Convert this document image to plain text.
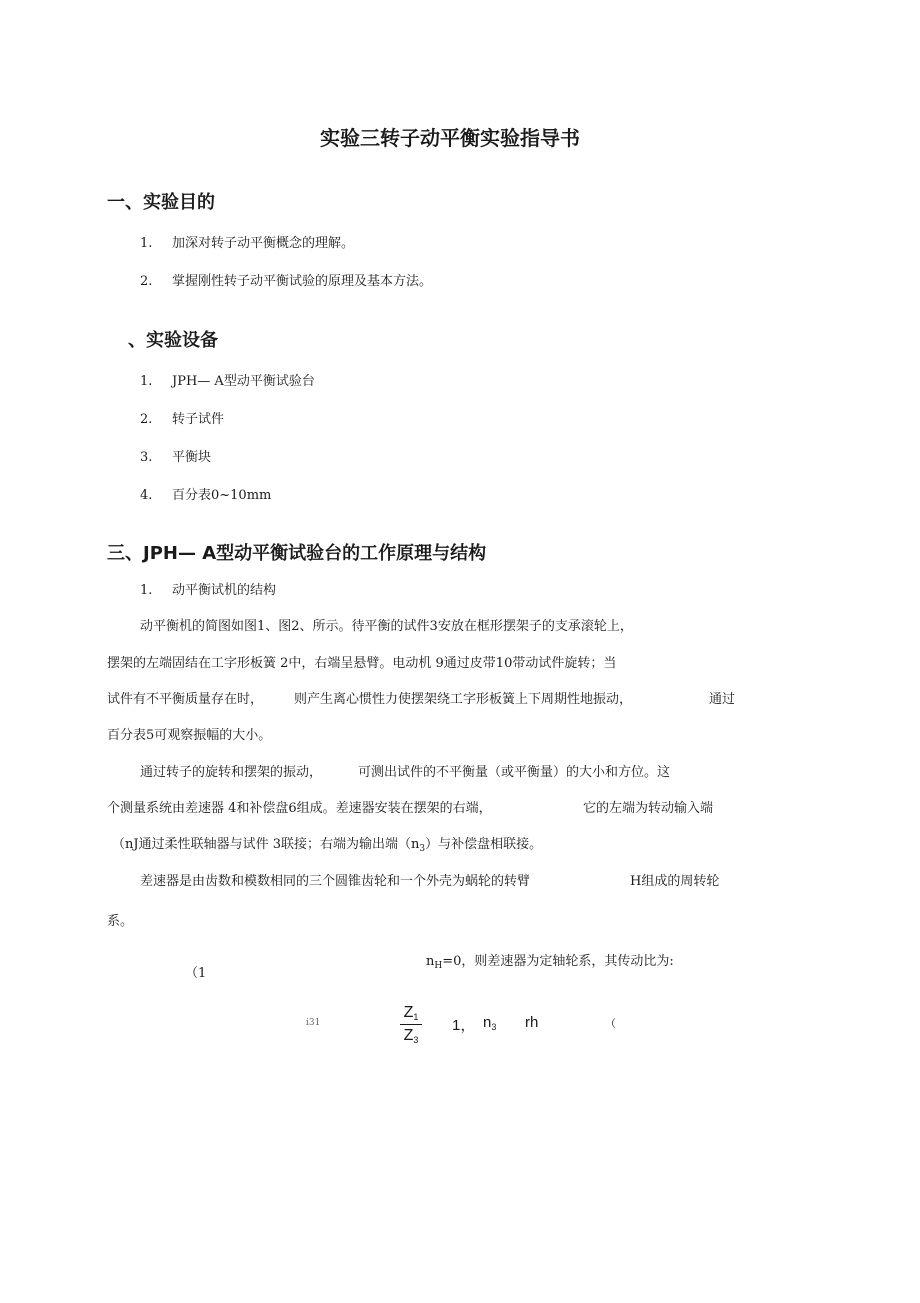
实验三转子动平衡实验指导书
一、实验目的
1. 加深对转子动平衡概念的理解。
2. 掌握刚性转子动平衡试验的原理及基本方法。
、实验设备
1. JPH— A型动平衡试验台
2. 转子试件
3. 平衡块
4. 百分表0~10mm
三、JPH— A型动平衡试验台的工作原理与结构
1. 动平衡试机的结构
动平衡机的简图如图1、图2、所示。待平衡的试件3安放在框形摆架子的支承滚轮上，
摆架的左端固结在工字形板簧 2中，右端呈悬臂。电动机 9通过皮带10带动试件旋转；当
试件有不平衡质量存在时， 则产生离心惯性力使摆架绕工字形板簧上下周期性地振动，	通过
百分表5可观察振幅的大小。
通过转子的旋转和摆架的振动，	可测出试件的不平衡量（或平衡量）的大小和方位。这
个测量系统由差速器 4和补偿盘6组成。差速器安装在摆架的右端，	它的左端为转动输入端
（nJ通过柔性联轴器与试件 3联接；右端为输出端$(n_3)$与补偿盘相联接。
差速器是由齿数和模数相同的三个圆锥齿轮和一个外壳为蜗轮的转臂	H组成的周转轮
系。
（1
$n_H=0$，则差速器为定轴轮系，其传动比为:
i31
$Z_1$
$Z_3$
1， $n_3$ rh	（
